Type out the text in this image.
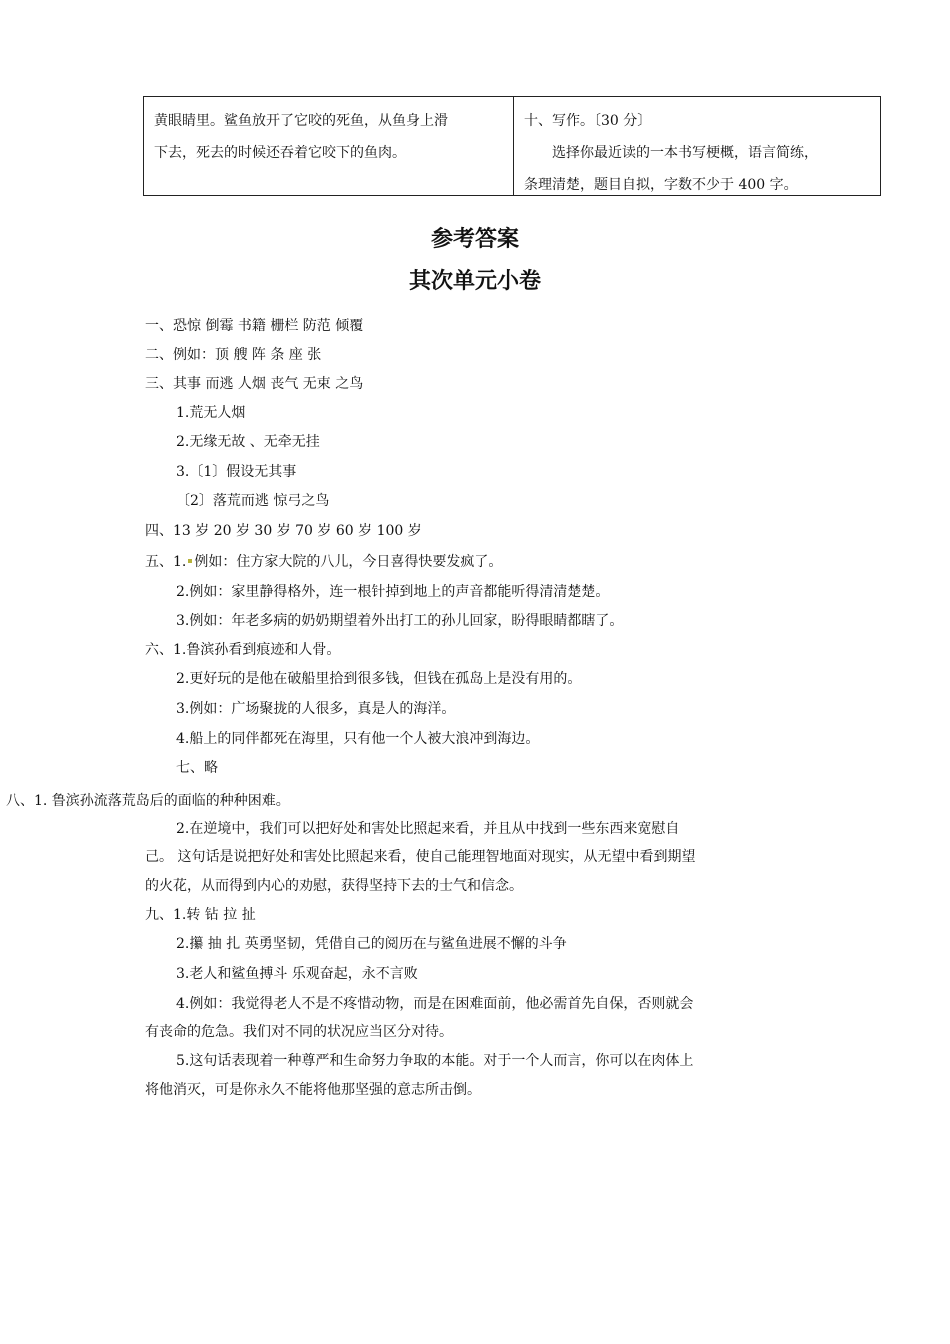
黄眼睛里。鲨鱼放开了它咬的死鱼，从鱼身上滑

下去，死去的时候还吞着它咬下的鱼肉。

十、写作。〔30 分〕

选择你最近读的一本书写梗概，语言简练，

条理清楚，题目自拟，字数不少于 400 字。

参考答案
其次单元小卷
一、恐惊 倒霉 书籍 栅栏 防范 倾覆
二、例如：顶 艘 阵 条 座 张
三、其事 而逃 人烟 丧气 无束 之鸟
1.荒无人烟
2.无缘无故 、无牵无挂
3.〔1〕假设无其事
〔2〕落荒而逃 惊弓之鸟
四、13 岁 20 岁 30 岁 70 岁 60 岁 100 岁
五、1. 例如：住方家大院的八儿，今日喜得快要发疯了。
2.例如：家里静得格外，连一根针掉到地上的声音都能听得清清楚楚。
3.例如：年老多病的奶奶期望着外出打工的孙儿回家，盼得眼睛都瞎了。
六、1.鲁滨孙看到痕迹和人骨。
2.更好玩的是他在破船里拾到很多钱，但钱在孤岛上是没有用的。
3.例如：广场聚拢的人很多，真是人的海洋。
4.船上的同伴都死在海里，只有他一个人被大浪冲到海边。
七、略
八、1. 鲁滨孙流落荒岛后的面临的种种困难。
2.在逆境中，我们可以把好处和害处比照起来看，并且从中找到一些东西来宽慰自
己。 这句话是说把好处和害处比照起来看，使自己能理智地面对现实，从无望中看到期望
的火花，从而得到内心的劝慰，获得坚持下去的士气和信念。
九、1.转 钻 拉 扯
2.攥 抽 扎 英勇坚韧，凭借自己的阅历在与鲨鱼进展不懈的斗争
3.老人和鲨鱼搏斗 乐观奋起，永不言败
4.例如：我觉得老人不是不疼惜动物，而是在困难面前，他必需首先自保，否则就会
有丧命的危急。我们对不同的状况应当区分对待。
5.这句话表现着一种尊严和生命努力争取的本能。对于一个人而言，你可以在肉体上
将他消灭，可是你永久不能将他那坚强的意志所击倒。
